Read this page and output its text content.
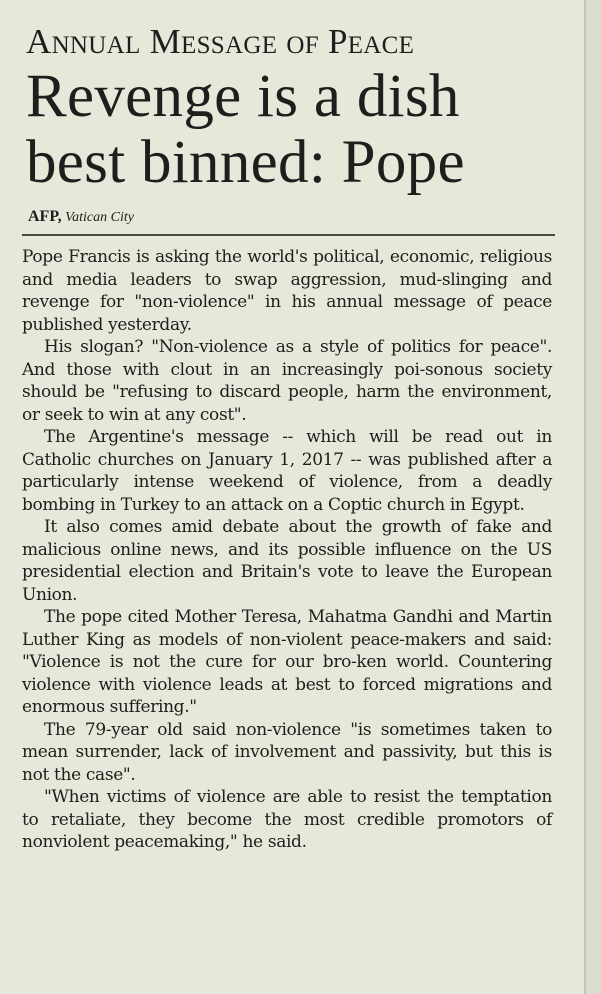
Annual Message of Peace
Revenge is a dish best binned: Pope
AFP, Vatican City

Pope Francis is asking the world's political, economic, religious and media leaders to swap aggression, mud-slinging and revenge for "non-violence" in his annual message of peace published yesterday.

His slogan? "Non-violence as a style of politics for peace". And those with clout in an increasingly poi-sonous society should be "refusing to discard people, harm the environment, or seek to win at any cost".

The Argentine's message -- which will be read out in Catholic churches on January 1, 2017 -- was published after a particularly intense weekend of violence, from a deadly bombing in Turkey to an attack on a Coptic church in Egypt.

It also comes amid debate about the growth of fake and malicious online news, and its possible influence on the US presidential election and Britain's vote to leave the European Union.

The pope cited Mother Teresa, Mahatma Gandhi and Martin Luther King as models of non-violent peace-makers and said: "Violence is not the cure for our bro-ken world. Countering violence with violence leads at best to forced migrations and enormous suffering."

The 79-year old said non-violence "is sometimes taken to mean surrender, lack of involvement and passivity, but this is not the case".

"When victims of violence are able to resist the temptation to retaliate, they become the most credible promotors of nonviolent peacemaking," he said.
